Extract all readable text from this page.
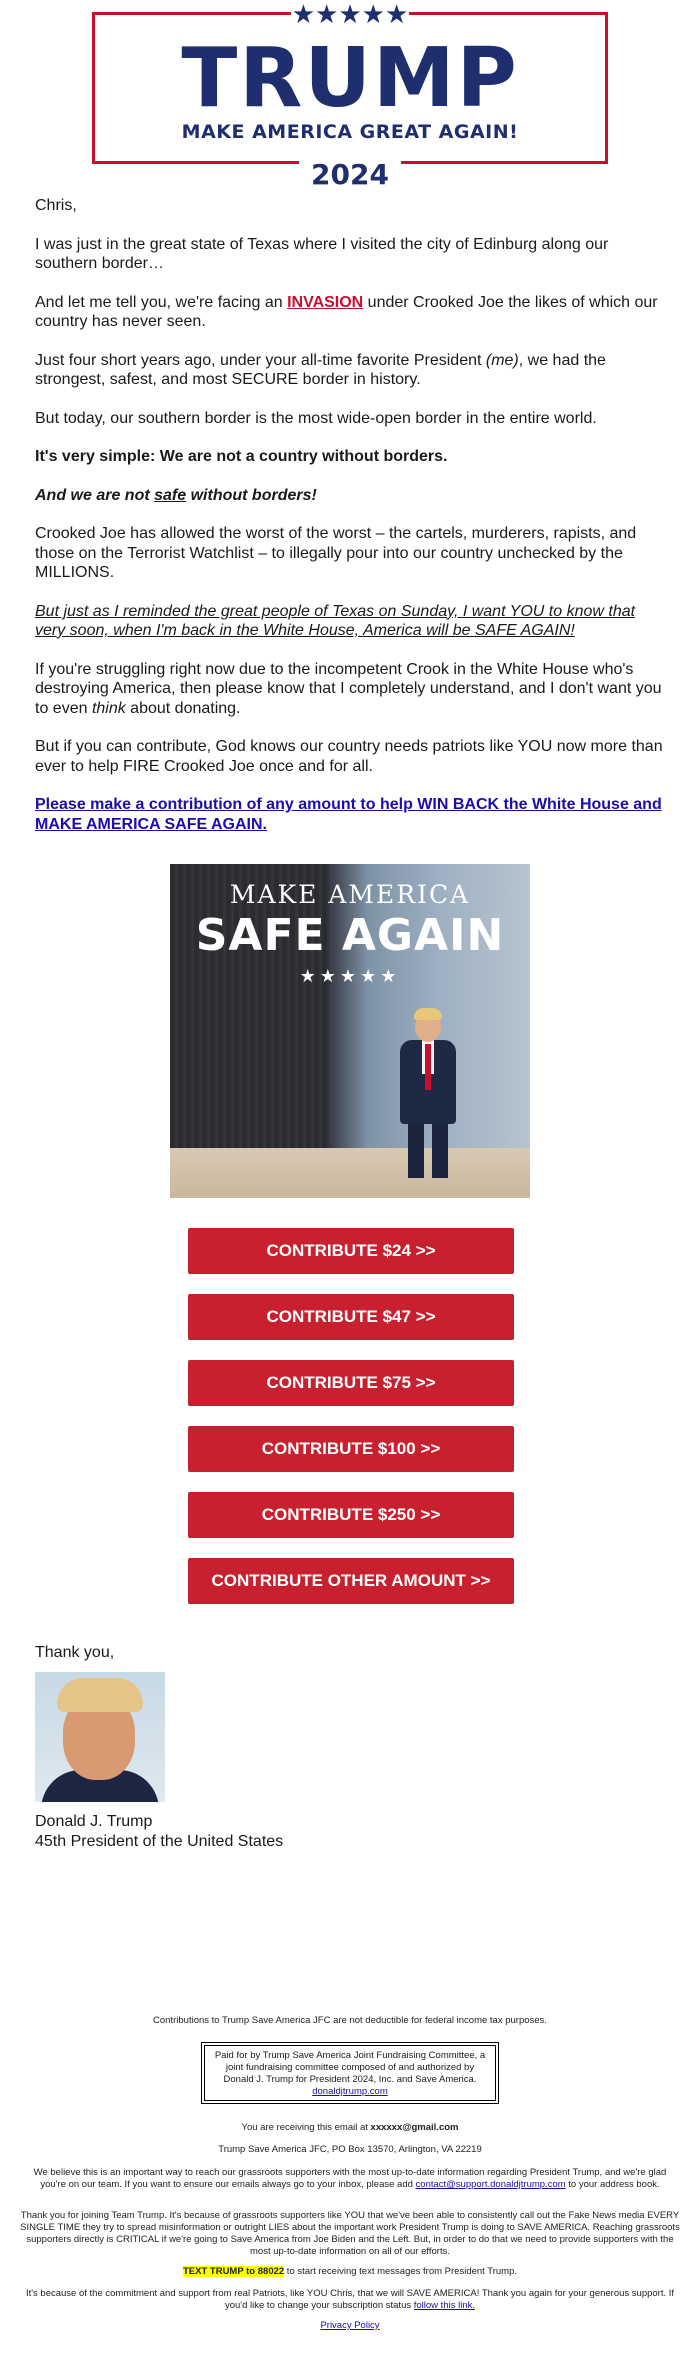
★★★★★
TRUMP
MAKE AMERICA GREAT AGAIN!
2024

Chris,

I was just in the great state of Texas where I visited the city of Edinburg along our southern border…

And let me tell you, we're facing an INVASION under Crooked Joe the likes of which our country has never seen.

Just four short years ago, under your all-time favorite President (me), we had the strongest, safest, and most SECURE border in history.

But today, our southern border is the most wide-open border in the entire world.

It's very simple: We are not a country without borders.

And we are not safe without borders!

Crooked Joe has allowed the worst of the worst – the cartels, murderers, rapists, and those on the Terrorist Watchlist – to illegally pour into our country unchecked by the MILLIONS.

But just as I reminded the great people of Texas on Sunday, I want YOU to know that very soon, when I'm back in the White House, America will be SAFE AGAIN!

If you're struggling right now due to the incompetent Crook in the White House who's destroying America, then please know that I completely understand, and I don't want you to even think about donating.

But if you can contribute, God knows our country needs patriots like YOU now more than ever to help FIRE Crooked Joe once and for all.

Please make a contribution of any amount to help WIN BACK the White House and MAKE AMERICA SAFE AGAIN.

MAKE AMERICA
SAFE AGAIN
★★★★★
CONTRIBUTE $24 >>
CONTRIBUTE $47 >>
CONTRIBUTE $75 >>
CONTRIBUTE $100 >>
CONTRIBUTE $250 >>
CONTRIBUTE OTHER AMOUNT >>
Thank you,
Donald J. Trump
45th President of the United States
Contributions to Trump Save America JFC are not deductible for federal income tax purposes.
Paid for by Trump Save America Joint Fundraising Committee, a joint fundraising committee composed of and authorized by Donald J. Trump for President 2024, Inc. and Save America.
donaldjtrump.com
You are receiving this email at xxxxxx@gmail.com
Trump Save America JFC, PO Box 13570, Arlington, VA 22219
We believe this is an important way to reach our grassroots supporters with the most up-to-date information regarding President Trump, and we're glad you're on our team. If you want to ensure our emails always go to your inbox, please add contact@support.donaldjtrump.com to your address book.
Thank you for joining Team Trump. It's because of grassroots supporters like YOU that we've been able to consistently call out the Fake News media EVERY SINGLE TIME they try to spread misinformation or outright LIES about the important work President Trump is doing to SAVE AMERICA. Reaching grassroots supporters directly is CRITICAL if we're going to Save America from Joe Biden and the Left. But, in order to do that we need to provide supporters with the most up-to-date information on all of our efforts.
TEXT TRUMP to 88022 to start receiving text messages from President Trump.
It's because of the commitment and support from real Patriots, like YOU Chris, that we will SAVE AMERICA! Thank you again for your generous support. If you'd like to change your subscription status follow this link.
Privacy Policy
